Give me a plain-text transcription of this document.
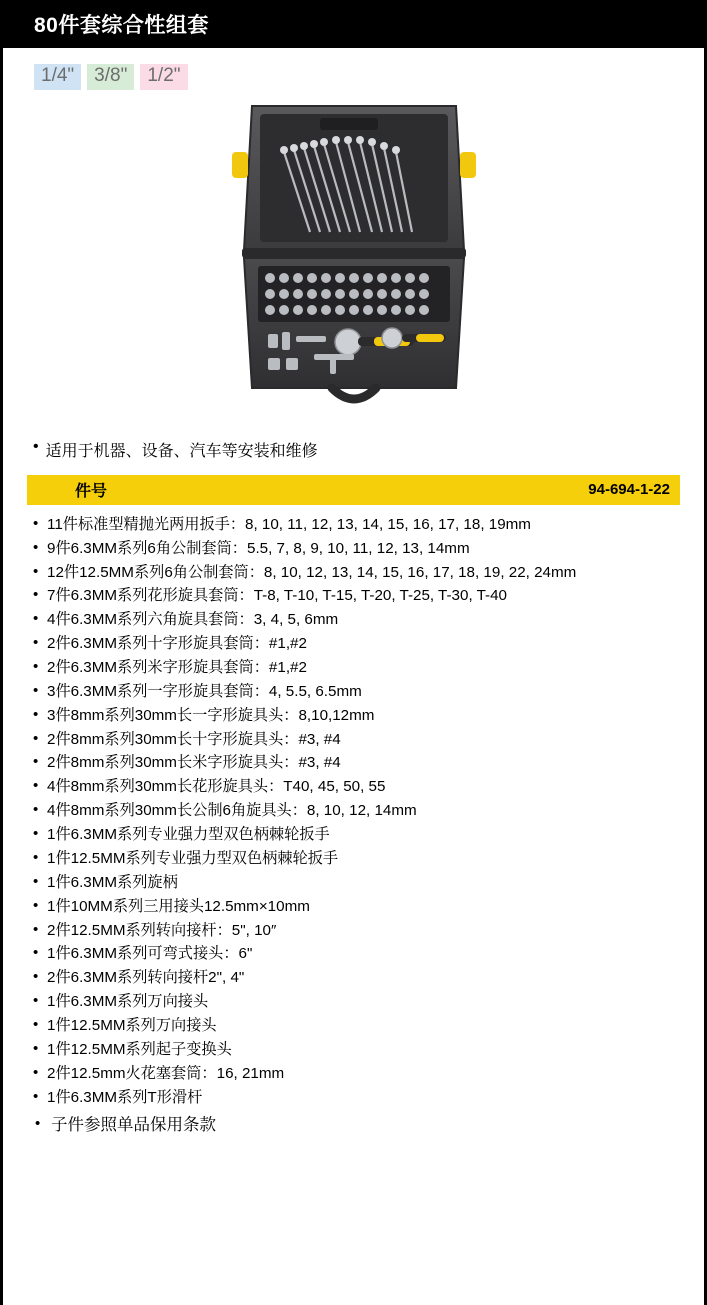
80件套综合性组套
1/4"	3/8"	1/2"
• 适用于机器、设备、汽车等安装和维修
件号	94-694-1-22
• 11件标准型精抛光两用扳手：8, 10, 11, 12, 13, 14, 15, 16, 17, 18, 19mm
• 9件6.3MM系列6角公制套筒：5.5, 7, 8, 9, 10, 11, 12, 13, 14mm
• 12件12.5MM系列6角公制套筒：8, 10, 12, 13, 14, 15, 16, 17, 18, 19, 22, 24mm
• 7件6.3MM系列花形旋具套筒：T-8, T-10, T-15, T-20, T-25, T-30, T-40
• 4件6.3MM系列六角旋具套筒：3, 4, 5, 6mm
• 2件6.3MM系列十字形旋具套筒：#1,#2
• 2件6.3MM系列米字形旋具套筒：#1,#2
• 3件6.3MM系列一字形旋具套筒：4, 5.5, 6.5mm
• 3件8mm系列30mm长一字形旋具头：8,10,12mm
• 2件8mm系列30mm长十字形旋具头：#3, #4
• 2件8mm系列30mm长米字形旋具头：#3, #4
• 4件8mm系列30mm长花形旋具头：T40, 45, 50, 55
• 4件8mm系列30mm长公制6角旋具头：8, 10, 12, 14mm
• 1件6.3MM系列专业强力型双色柄棘轮扳手
• 1件12.5MM系列专业强力型双色柄棘轮扳手
• 1件6.3MM系列旋柄
• 1件10MM系列三用接头12.5mm×10mm
• 2件12.5MM系列转向接杆：5", 10″
• 1件6.3MM系列可弯式接头：6"
• 2件6.3MM系列转向接杆2", 4"
• 1件6.3MM系列万向接头
• 1件12.5MM系列万向接头
• 1件12.5MM系列起子变换头
• 2件12.5mm火花塞套筒：16, 21mm
• 1件6.3MM系列T形滑杆
• 子件参照单品保用条款
